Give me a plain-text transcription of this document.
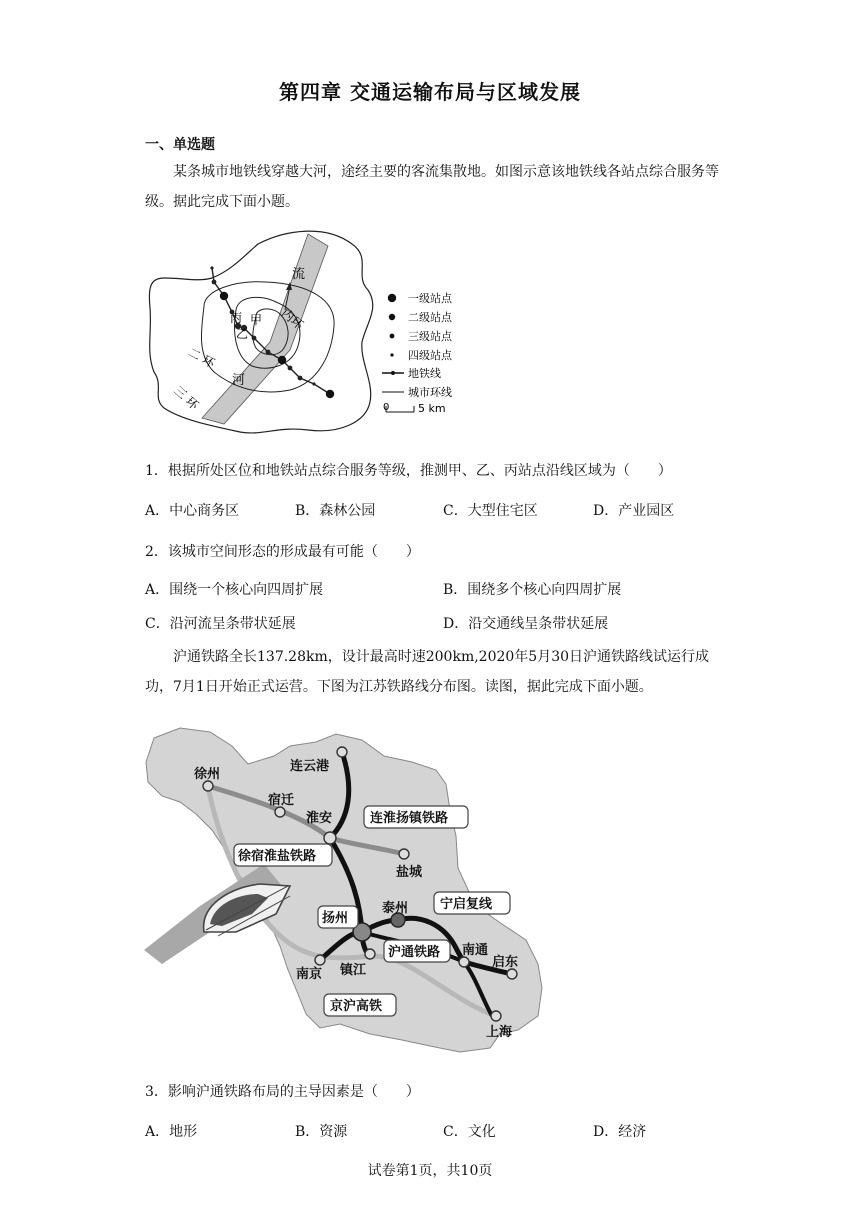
第四章 交通运输布局与区域发展
一、单选题
某条城市地铁线穿越大河，途经主要的客流集散地。如图示意该地铁线各站点综合服务等级。据此完成下面小题。
流
河
内环
二 环
三 环
甲
乙
丙
一级站点
二级站点
三级站点
四级站点
地铁线
城市环线
0	5 km
1．根据所处区位和地铁站点综合服务等级，推测甲、乙、丙站点沿线区域为（　　）
A．中心商务区	B．森林公园	C．大型住宅区	D．产业园区
2．该城市空间形态的形成最有可能（　　）
A．围绕一个核心向四周扩展	B．围绕多个核心向四周扩展
C．沿河流呈条带状延展	D．沿交通线呈条带状延展
沪通铁路全长137.28km，设计最高时速200km,2020年5月30日沪通铁路线试运行成功，7月1日开始正式运营。下图为江苏铁路线分布图。读图，据此完成下面小题。
连云港
徐州
宿迁
淮安
盐城
泰州
南京 镇江
南通
启东
上海
连淮扬镇铁路
徐宿淮盐铁路
扬州
宁启复线
沪通铁路
京沪高铁
3．影响沪通铁路布局的主导因素是（　　）
A．地形	B．资源	C．文化	D．经济
试卷第1页，共10页
